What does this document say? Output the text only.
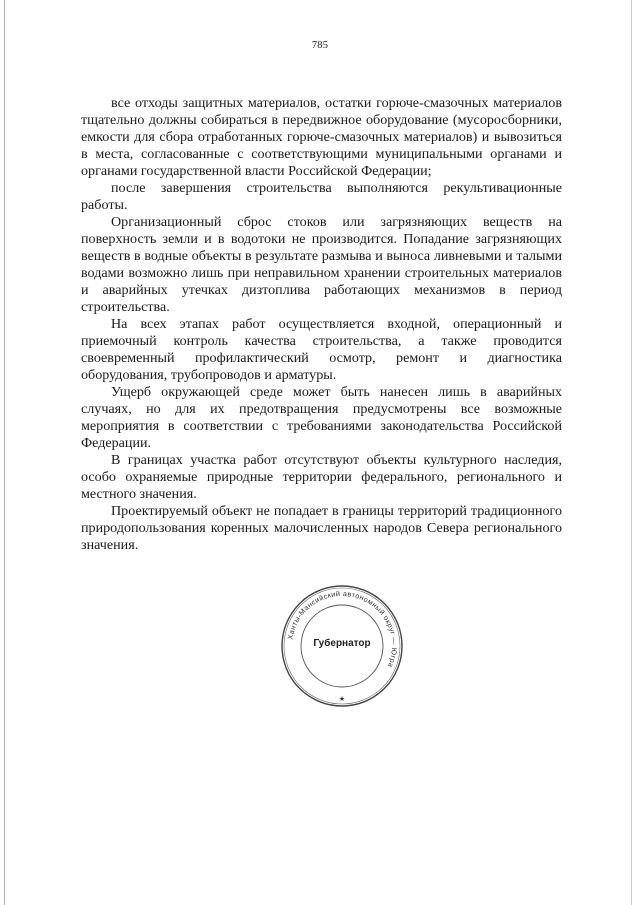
785

все отходы защитных материалов, остатки горюче-смазочных материалов тщательно должны собираться в передвижное оборудование (мусоросборники, емкости для сбора отработанных горюче-смазочных материалов) и вывозиться в места, согласованные с соответствующими муниципальными органами и органами государственной власти Российской Федерации;

после завершения строительства выполняются рекультивационные работы.

Организационный сброс стоков или загрязняющих веществ на поверхность земли и в водотоки не производится. Попадание загрязняющих веществ в водные объекты в результате размыва и выноса ливневыми и талыми водами возможно лишь при неправильном хранении строительных материалов и аварийных утечках дизтоплива работающих механизмов в период строительства.

На всех этапах работ осуществляется входной, операционный и приемочный контроль качества строительства, а также проводится своевременный профилактический осмотр, ремонт и диагностика оборудования, трубопроводов и арматуры.

Ущерб окружающей среде может быть нанесен лишь в аварийных случаях, но для их предотвращения предусмотрены все возможные мероприятия в соответствии с требованиями законодательства Российской Федерации.

В границах участка работ отсутствуют объекты культурного наследия, особо охраняемые природные территории федерального, регионального и местного значения.

Проектируемый объект не попадает в границы территорий традиционного природопользования коренных малочисленных народов Севера регионального значения.

Ханты-Мансийский автономный округ — Югра
★
Губернатор
